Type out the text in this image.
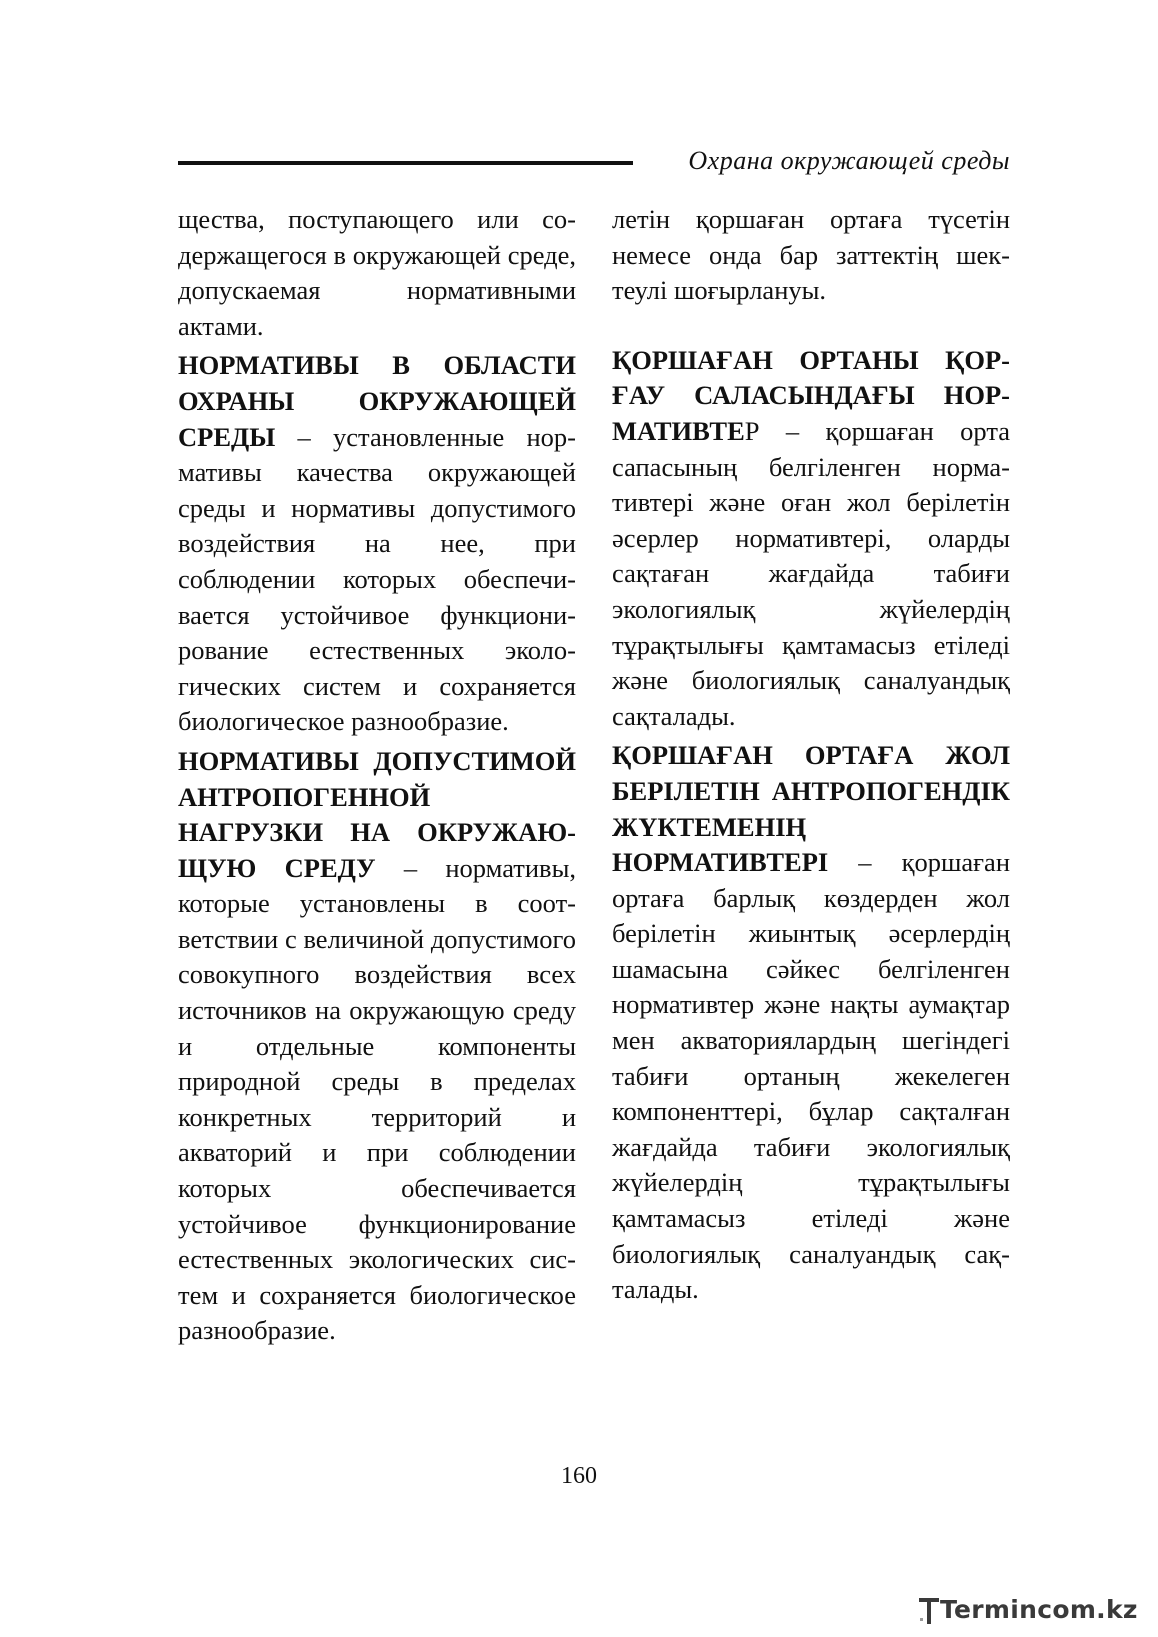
Охрана окружающей среды

щества, поступающего или содержащегося в окружающей среде, допускаемая нормативными актами.

НОРМАТИВЫ В ОБЛАСТИ ОХРАНЫ ОКРУЖАЮЩЕЙ СРЕДЫ – установленные нормативы качества окружающей среды и нормативы допустимого воздействия на нее, при соблюдении которых обеспечивается устойчивое функционирование естественных экологических систем и сохраняется биологическое разнообразие.

НОРМАТИВЫ ДОПУСТИМОЙ АНТРОПОГЕННОЙ НАГРУЗКИ НА ОКРУЖАЮЩУЮ СРЕДУ – нормативы, которые установлены в соответствии с величиной допустимого совокупного воздействия всех источников на окружающую среду и отдельные компоненты природной среды в пределах конкретных территорий и акваторий и при соблюдении которых обеспечивается устойчивое функционирование естественных экологических систем и сохраняется биологическое разнообразие.

летін қоршаған ортаға түсетін немесе онда бар заттектің шектеулі шоғырлануы.

ҚОРШАҒАН ОРТАНЫ ҚОРҒАУ САЛАСЫНДАҒЫ НОРМАТИВТЕР – қоршаған орта сапасының белгіленген нормативтері және оған жол берілетін әсерлер нормативтері, оларды сақтаған жағдайда табиғи экологиялық жүйелердің тұрақтылығы қамтамасыз етіледі және биологиялық саналуандық сақталады.

ҚОРШАҒАН ОРТАҒА ЖОЛ БЕРІЛЕТІН АНТРОПОГЕНДІК ЖҮКТЕМЕНІҢ НОРМАТИВТЕРІ – қоршаған ортаға барлық көздерден жол берілетін жиынтық әсерлердің шамасына сәйкес белгіленген нормативтер және нақты аумақтар мен акваториялардың шегіндегі табиғи ортаның жекелеген компоненттері, бұлар сақталған жағдайда табиғи экологиялық жүйелердің тұрақтылығы қамтамасыз етіледі және биологиялық саналуандық сақталады.

160
Termincom.kz
